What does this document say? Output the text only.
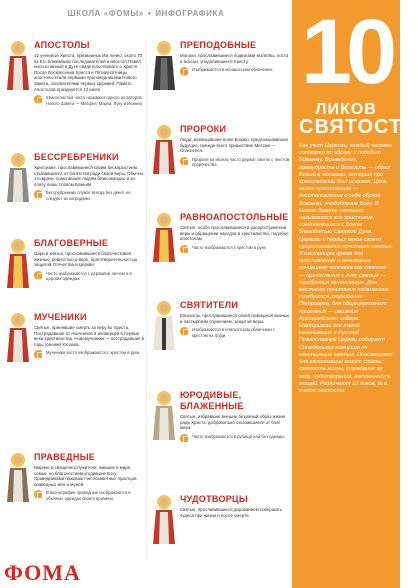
ШКОЛА «ФОМЫ» • ИНФОГРАФИКА
АПОСТОЛЫ

12 учеников Христа, призванных Им лично, около 70 из Его ближайших последователей и апостол Павел, ниспосланный в Духе свидетельствовать о Христе. После Воскресения Христа и Пятидесятницы апостолы стали первыми проповедниками Нового Завета, основателями первых Церквей. Память Апостолов празднуется 13 июля.

Евангелистом часто называют одного из авторов Нового Завета — Матфея, Марка, Луку и Иоанна.
БЕССРЕБРЕНИКИ

Христиане, прославившиеся своим бескорыстием, отказавшиеся от богатства ради своей веры. Обычно это врачи, помогавшие людям безвозмездно и за плату лишь словом Божьим.

Бессребреники служат всегда без денег, не следуют за наградами.
БЛАГОВЕРНЫЕ

Цари и князья, прославившиеся благочестивой жизнью, ревностью о вере, благотворительностью, защитой Отечества и Церкви.

Часто изображаются с державой, мечом и в царских одеждах.
МУЧЕНИКИ

Святые, принявшие смерть за веру во Христа. Пострадавшие от язычников и иноверцев в первые века христианства. Новомученики — пострадавшие в годы гонений XX века.

Мученики часто изображаются с крестом в руке.
ПРАВЕДНЫЕ

Миряне и священнослужители, жившие в мире, семье, но благочестием угодившие Богу. Праведниками называют ветхозаветных праотцов, праведных жен и мужей.

В иконографии праведные изображаются в обычных одеждах своего времени.
ПРЕПОДОБНЫЕ

Монахи, прославившиеся подвигами молитвы, поста и аскезы, уподобившиеся Христу.

Изображаются в монашеском облачении.
ПРОРОКИ

Люди, возвещавшие волю Божию, предсказывавшие будущее, прежде всего пришествие Мессии — Спасителя.

Пророки на иконах часто держат свиток с текстом пророчества.
РАВНОАПОСТОЛЬНЫЕ

Святые, особо прославившиеся в распространении веры и обращении народов в христианство, подобно апостолам.

Часто изображаются с крестом в руке.
СВЯТИТЕЛИ

Епископы, прославившиеся своей праведной жизнью и пастырским служением, защитой веры.

Изображаются в епископском облачении с крестом на груди.
ЮРОДИВЫЕ, БЛАЖЕННЫЕ

Святые, избравшие внешне безумный образ жизни ради Христа, добровольно отказавшиеся от благ мира.

Часто изображаются в рубище или без одежды.
ЧУДОТВОРЦЫ

Святые, прославившиеся дарованием совершать чудеса при жизни и после смерти.

10
ЛИКОВ
СВЯТОСТИ

Как учит Церковь, каждый человек сотворен по образу и подобию Божьему. Всеведение, премудрость и благость — образ Божий в человеке, который при грехопадении был искажен. Цель жизни христианина — восстановление в себе образа Божьего, уподобление Богу. В Новом Завете святыми называются все христиане, соединившиеся с Богом благодатью Святого Духа. Церковь с первых веков своего существования почитает святых. В настоящее время для прославления и почитания почившего человека как святого — причисления к лику святых — требуется канонизация. Для местного почитания подвижника требуется разрешение Патриарха, для общецерковного признания — решение Архиерейского собора. Материалы для такой канонизации в Русской Православной Церкви собирает Синодальная комиссия по канонизации святых. Основаниями для канонизации могут стать: святость жизни, страдание за веру, чудотворения, нетленность мощей. Различают 10 ликов, т.е. типов святости.

ФОМА
